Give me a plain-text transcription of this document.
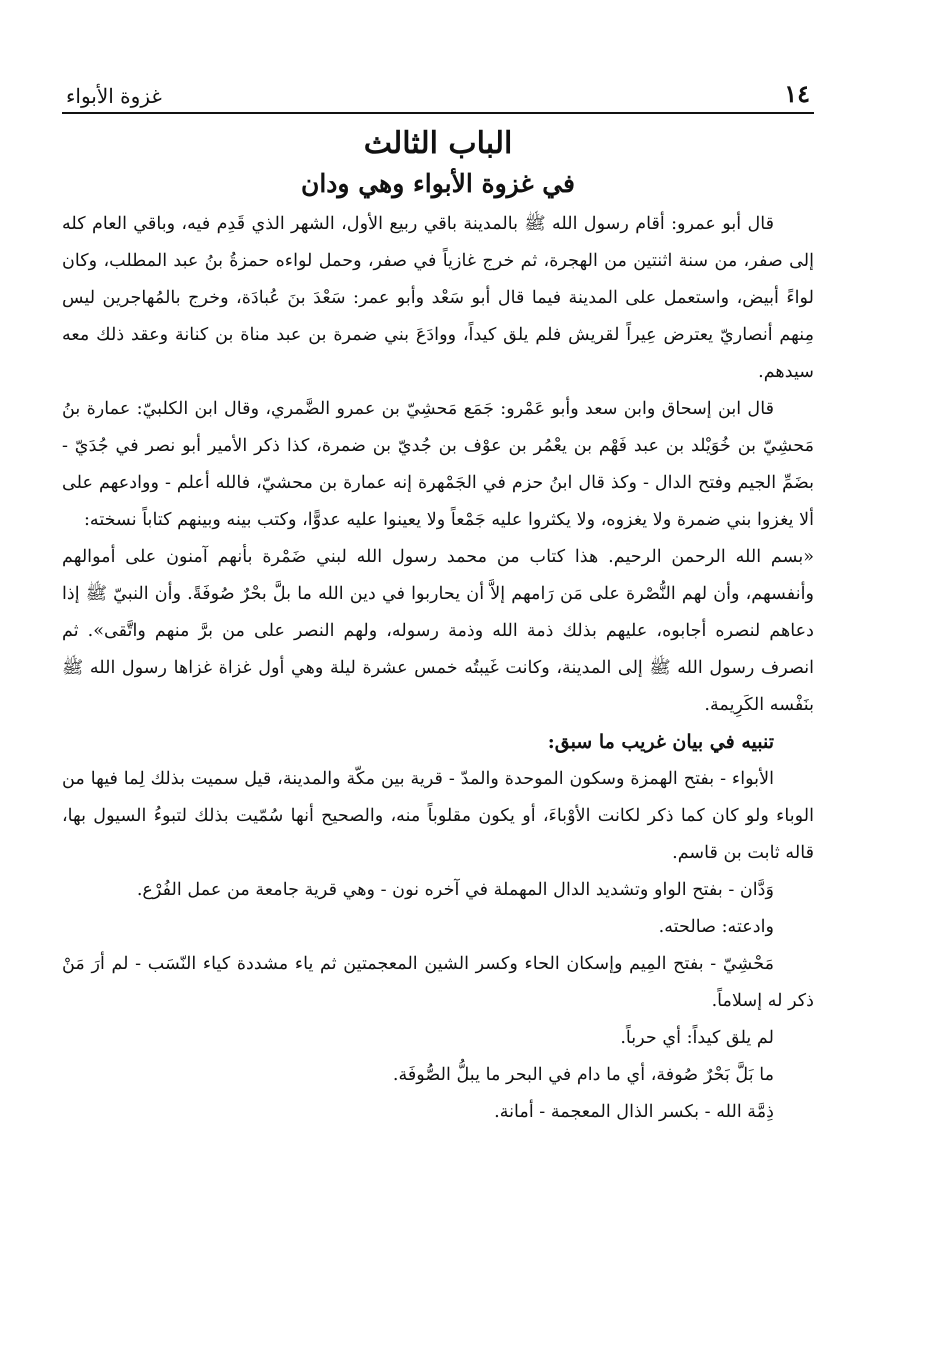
١٤
غزوة الأبواء
الباب الثالث
في غزوة الأبواء وهي ودان

قال أبو عمرو: أقام رسول الله ﷺ بالمدينة باقي ربيع الأول، الشهر الذي قَدِم فيه، وباقي العام كله إلى صفر، من سنة اثنتين من الهجرة، ثم خرج غازياً في صفر، وحمل لواءه حمزةُ بنُ عبد المطلب، وكان لواءً أبيض، واستعمل على المدينة فيما قال أبو سَعْد وأبو عمر: سَعْدَ بنَ عُبادَة، وخرج بالمُهاجرين ليس مِنهم أنصاريّ يعترض عِيراً لقريش فلم يلق كيداً، ووادَعَ بني ضمرة بن عبد مناة بن كنانة وعقد ذلك معه سيدهم.

قال ابن إسحاق وابن سعد وأبو عَمْرو: جَمَع مَحشِيّ بن عمرو الضَّمري، وقال ابن الكلبيّ: عمارة بنُ مَحشِيّ بن خُوَيْلد بن عبد فَهْم بن يعْمُر بن عوْف بن جُديّ بن ضمرة، كذا ذكر الأمير أبو نصر في جُدَيّ - بضَمِّ الجيم وفتح الدال - وكذ قال ابنُ حزم في الجَمْهرة إنه عمارة بن محشيّ، فالله أعلم - ووادعهم على ألا يغزوا بني ضمرة ولا يغزوه، ولا يكثروا عليه جَمْعاً ولا يعينوا عليه عدوًّا، وكتب بينه وبينهم كتاباً نسخته:

«بسم الله الرحمن الرحيم. هذا كتاب من محمد رسول الله لبني ضَمْرة بأنهم آمنون على أموالهم وأنفسهم، وأن لهم النُّصْرة على مَن رَامهم إلاَّ أن يحاربوا في دين الله ما بلَّ بحْرٌ صُوفَةً. وأن النبيّ ﷺ إذا دعاهم لنصره أجابوه، عليهم بذلك ذمة الله وذمة رسوله، ولهم النصر على من برَّ منهم واتَّقى». ثم انصرف رسول الله ﷺ إلى المدينة، وكانت غَيبتُه خمس عشرة ليلة وهي أول غزاة غزاها رسول الله ﷺ بنَفْسه الكَرِيمة.

تنبيه في بيان غريب ما سبق:

الأبواء - بفتح الهمزة وسكون الموحدة والمدّ - قرية بين مكّة والمدينة، قيل سميت بذلك لِما فيها من الوباء ولو كان كما ذكر لكانت الأوْباءَ، أو يكون مقلوباً منه، والصحيح أنها سُمّيت بذلك لتبوءُ السيول بها، قاله ثابت بن قاسم.

وَدَّان - بفتح الواو وتشديد الدال المهملة في آخره نون - وهي قرية جامعة من عمل الفُرْع.

وادعته: صالحته.

مَحْشِيّ - بفتح المِيم وإسكان الحاء وكسر الشين المعجمتين ثم ياء مشددة كياء النّسَب - لم أرَ مَنْ ذكر له إسلاماً.

لم يلق كيداً: أي حرباً.

ما بَلَّ بَحْرٌ صُوفة، أي ما دام في البحر ما يبلُّ الصُّوفَة.

ذِمَّة الله - بكسر الذال المعجمة - أمانة.
